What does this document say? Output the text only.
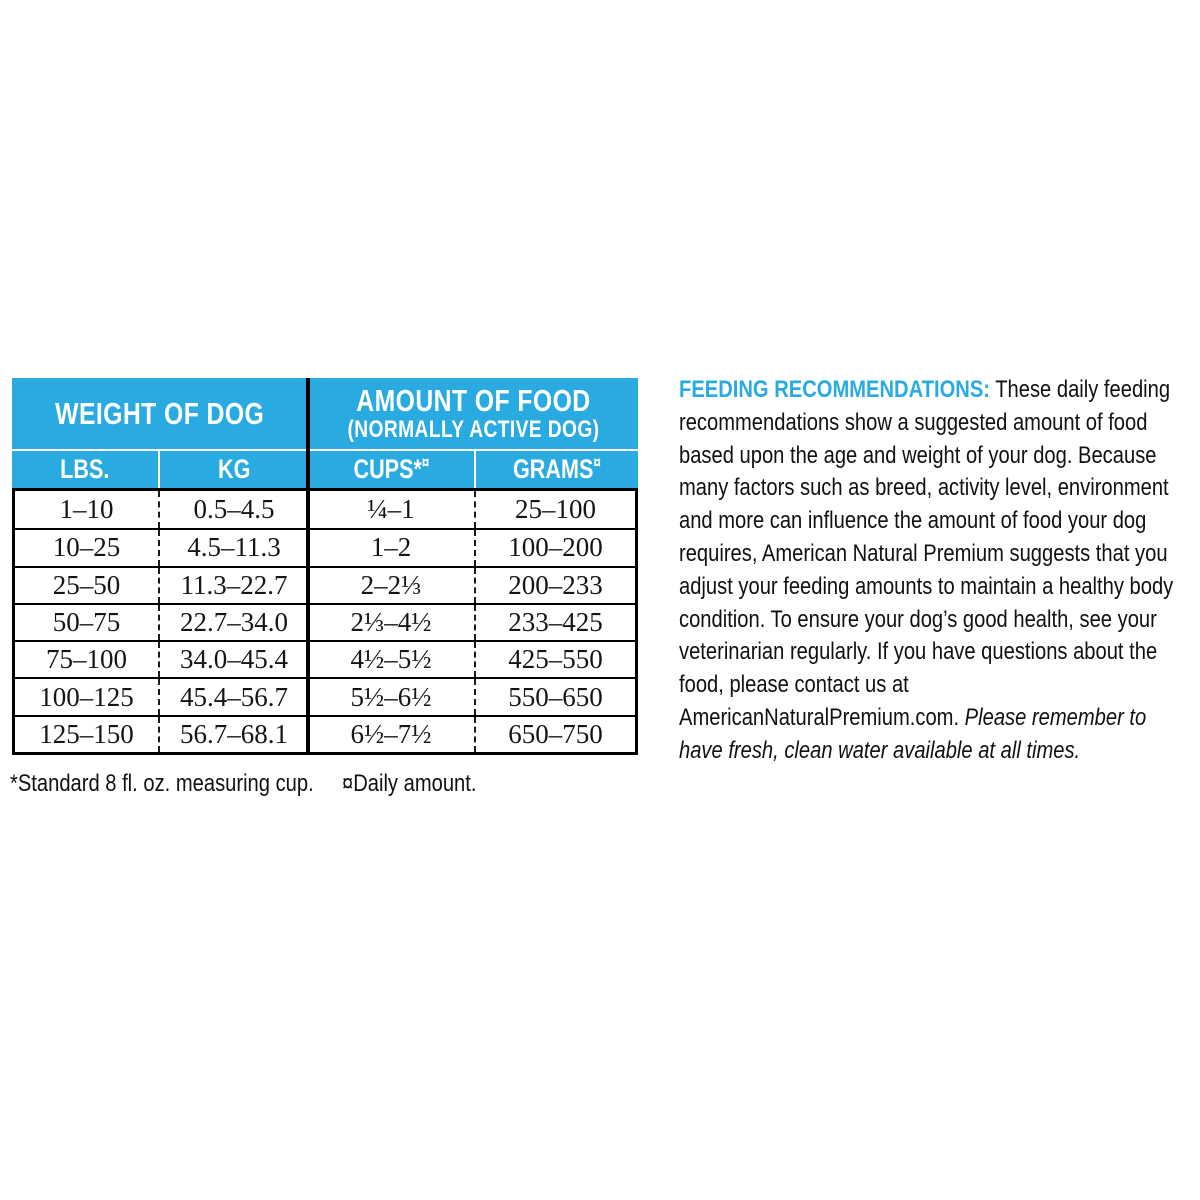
WEIGHT OF DOG	AMOUNT OF FOOD
(NORMALLY ACTIVE DOG)
LBS.	KG	CUPS*¤	GRAMS¤
1–10	0.5–4.5	¼–1	25–100
10–25	4.5–11.3	1–2	100–200
25–50	11.3–22.7	2–2⅓	200–233
50–75	22.7–34.0	2⅓–4½	233–425
75–100	34.0–45.4	4½–5½	425–550
100–125	45.4–56.7	5½–6½	550–650
125–150	56.7–68.1	6½–7½	650–750
*Standard 8 fl. oz. measuring cup. ¤Daily amount.
FEEDING RECOMMENDATIONS: These daily feeding recommendations show a suggested amount of food based upon the age and weight of your dog. Because many factors such as breed, activity level, environment and more can influence the amount of food your dog requires, American Natural Premium suggests that you adjust your feeding amounts to maintain a healthy body condition. To ensure your dog’s good health, see your veterinarian regularly. If you have questions about the food, please contact us at AmericanNaturalPremium.com. Please remember to have fresh, clean water available at all times.
